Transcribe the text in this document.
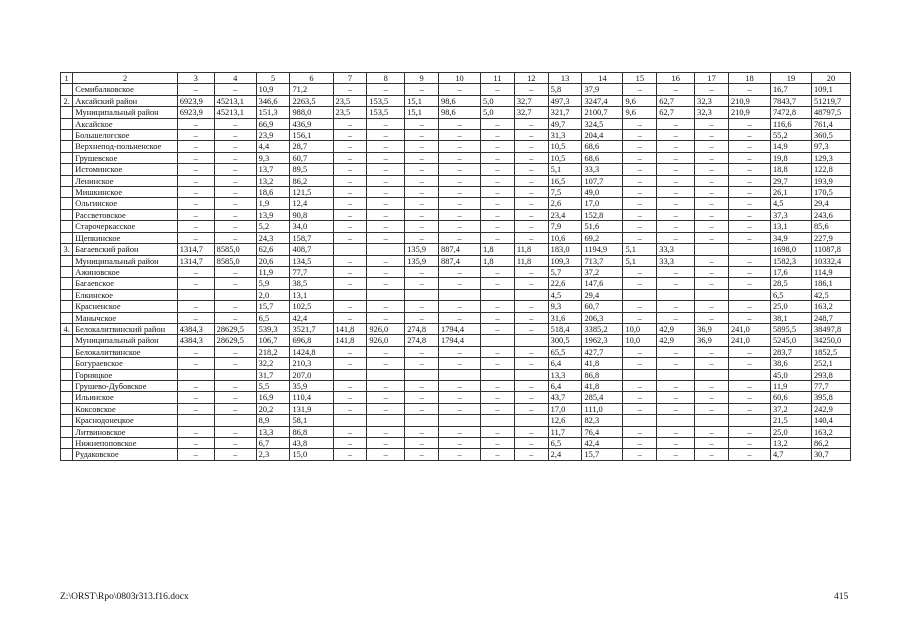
1	2	3	4	5	6	7	8	9	10	11	12	13	14	15	16	17	18	19	20
	Семибалковское	–	–	10,9	71,2	–	–	–	–	–	–	5,8	37,9	–	–	–	–	16,7	109,1
2.	Аксайский район	6923,9	45213,1	346,6	2263,5	23,5	153,5	15,1	98,6	5,0	32,7	497,3	3247,4	9,6	62,7	32,3	210,9	7843,7	51219,7
	Муниципальный район	6923,9	45213,1	151,3	988,0	23,5	153,5	15,1	98,6	5,0	32,7	321,7	2100,7	9,6	62,7	32,3	210,9	7472,8	48797,5
	Аксайское	–	–	66,9	436,9	–	–	–	–	–	–	49,7	324,5	–	–	–	–	116,6	761,4
	Большелогское	–	–	23,9	156,1	–	–	–	–	–	–	31,3	204,4	–	–	–	–	55,2	360,5
	Верхнепод-польненское	–	–	4,4	28,7	–	–	–	–	–	–	10,5	68,6	–	–	–	–	14,9	97,3
	Грушевское	–	–	9,3	60,7	–	–	–	–	–	–	10,5	68,6	–	–	–	–	19,8	129,3
	Истоминское	–	–	13,7	89,5	–	–	–	–	–	–	5,1	33,3	–	–	–	–	18,8	122,8
	Ленинское	–	–	13,2	86,2	–	–	–	–	–	–	16,5	107,7	–	–	–	–	29,7	193,9
	Мишкинское	–	–	18,6	121,5	–	–	–	–	–	–	7,5	49,0	–	–	–	–	26,1	170,5
	Ольгинское	–	–	1,9	12,4	–	–	–	–	–	–	2,6	17,0	–	–	–	–	4,5	29,4
	Рассветовское	–	–	13,9	90,8	–	–	–	–	–	–	23,4	152,8	–	–	–	–	37,3	243,6
	Старочеркасское	–	–	5,2	34,0	–	–	–	–	–	–	7,9	51,6	–	–	–	–	13,1	85,6
	Щепкинское	–	–	24,3	158,7	–	–	–	–	–	–	10,6	69,2	–	–	–	–	34,9	227,9
3.	Багаевский район	1314,7	8585,0	62,6	408,7			135,9	887,4	1,8	11,8	183,0	1194,9	5,1	33,3			1698,0	11087,8
	Муниципальный район	1314,7	8585,0	20,6	134,5	–	–	135,9	887,4	1,8	11,8	109,3	713,7	5,1	33,3	–	–	1582,3	10332,4
	Ажиновское	–	–	11,9	77,7	–	–	–	–	–	–	5,7	37,2	–	–	–	–	17,6	114,9
	Багаевское	–	–	5,9	38,5	–	–	–	–	–	–	22,6	147,6	–	–	–	–	28,5	186,1
	Елкинское			2,0	13,1							4,5	29,4					6,5	42,5
	Красненское	–	–	15,7	102,5	–	–	–	–	–	–	9,3	60,7	–	–	–	–	25,0	163,2
	Манычское	–	–	6,5	42,4	–	–	–	–	–	–	31,6	206,3	–	–	–	–	38,1	248,7
4.	Белокалитвинский район	4384,3	28629,5	539,3	3521,7	141,8	926,0	274,8	1794,4	–	–	518,4	3385,2	10,0	42,9	36,9	241,0	5895,5	38497,8
	Муниципальный район	4384,3	28629,5	106,7	696,8	141,8	926,0	274,8	1794,4			300,5	1962,3	10,0	42,9	36,9	241,0	5245,0	34250,0
	Белокалитвинское	–	–	218,2	1424,8	–	–	–	–	–	–	65,5	427,7	–	–	–	–	283,7	1852,5
	Богураевское	–	–	32,2	210,3	–	–	–	–	–	–	6,4	41,8	–	–	–	–	38,6	252,1
	Горняцкое			31,7	207,0							13,3	86,8					45,0	293,8
	Грушево-Дубовское	–	–	5,5	35,9	–	–	–	–	–	–	6,4	41,8	–	–	–	–	11,9	77,7
	Ильинское	–	–	16,9	110,4	–	–	–	–	–	–	43,7	285,4	–	–	–	–	60,6	395,8
	Коксовское	–	–	20,2	131,9	–	–	–	–	–	–	17,0	111,0	–	–	–	–	37,2	242,9
	Краснодонецкое			8,9	58,1							12,6	82,3					21,5	140,4
	Литвиновское	–	–	13,3	86,8	–	–	–	–	–	–	11,7	76,4	–	–	–	–	25,0	163,2
	Нижнепоповское	–	–	6,7	43,8	–	–	–	–	–	–	6,5	42,4	–	–	–	–	13,2	86,2
	Рудаковское	–	–	2,3	15,0	–	–	–	–	–	–	2,4	15,7	–	–	–	–	4,7	30,7
Z:\ORST\Rpo\0803r313.f16.docx	415
